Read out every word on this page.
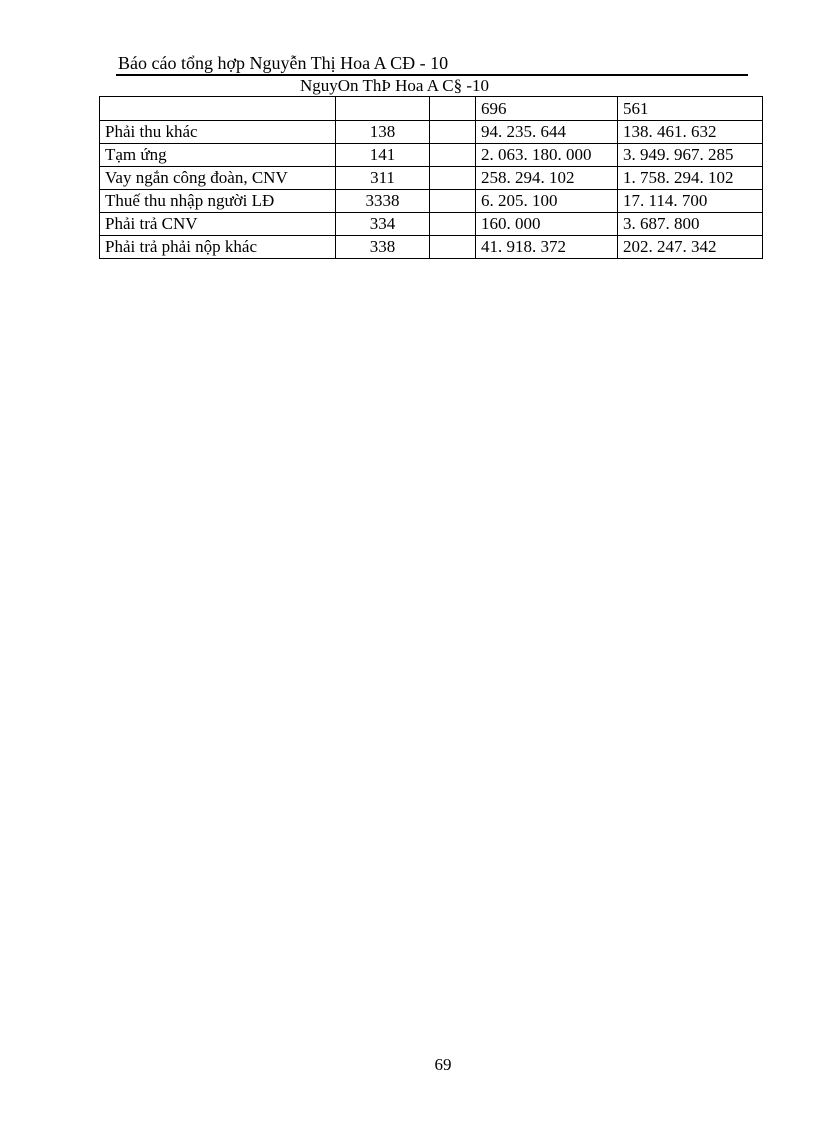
Báo cáo tổng hợp Nguyễn Thị Hoa A CĐ - 10
NguyOn ThÞ Hoa A C§ -10
			696	561
Phải thu khác	138		94. 235. 644	138. 461. 632
Tạm ứng	141		2. 063. 180. 000	3. 949. 967. 285
Vay ngắn công đoàn, CNV	311		258. 294. 102	1. 758. 294. 102
Thuế thu nhập người LĐ	3338		6. 205. 100	17. 114. 700
Phải trả CNV	334		160. 000	3. 687. 800
Phải trả phải nộp khác	338		41. 918. 372	202. 247. 342
69
